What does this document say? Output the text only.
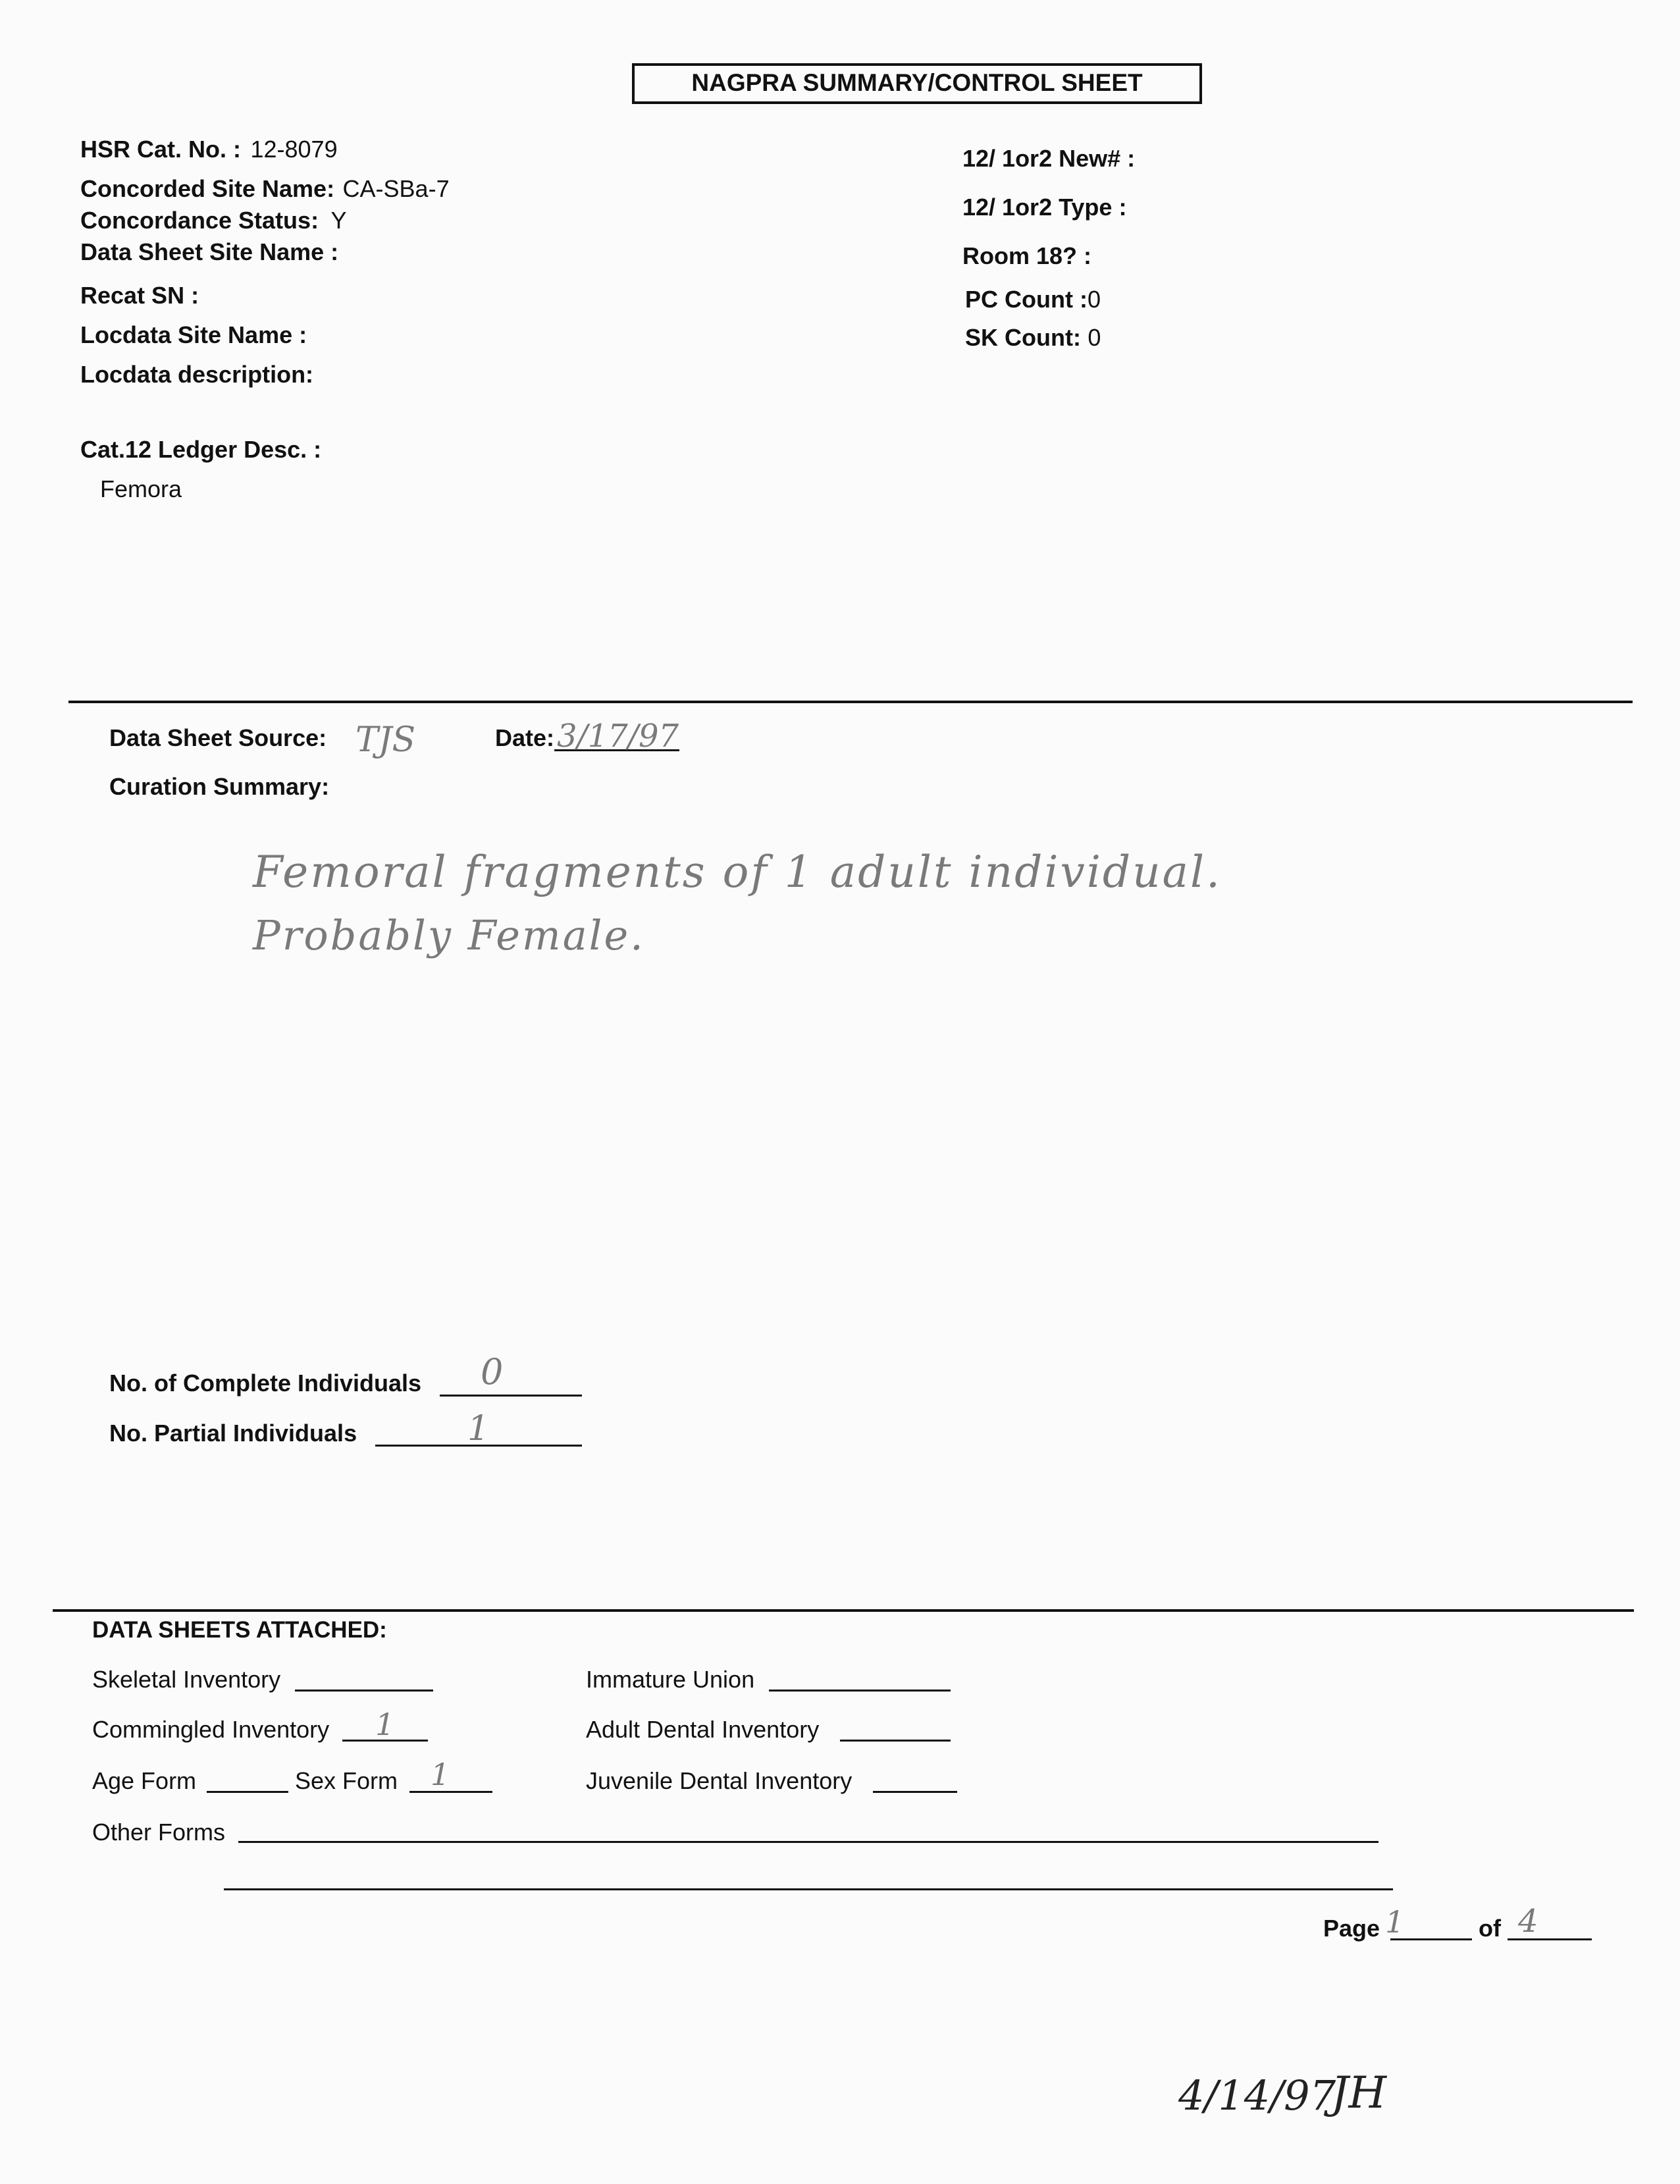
NAGPRA SUMMARY/CONTROL SHEET
HSR Cat. No. : 12-8079
Concorded Site Name: CA-SBa-7
Concordance Status: Y
Data Sheet Site Name :
Recat SN :
Locdata Site Name :
Locdata description:
12/ 1or2 New# :
12/ 1or2 Type :
Room 18? :
PC Count :0
SK Count: 0
Cat.12 Ledger Desc. :
Femora
Data Sheet Source: TJS	Date: 3/17/97
Curation Summary:
Femoral fragments of 1 adult individual.
Probably Female.
No. of Complete Individuals 0
No. Partial Individuals	1
DATA SHEETS ATTACHED:
Skeletal Inventory	Immature Union
Commingled Inventory 1	Adult Dental Inventory
Age Form	Sex Form 1	Juvenile Dental Inventory
Other Forms
Page 1	of 4
4/14/97
JH
